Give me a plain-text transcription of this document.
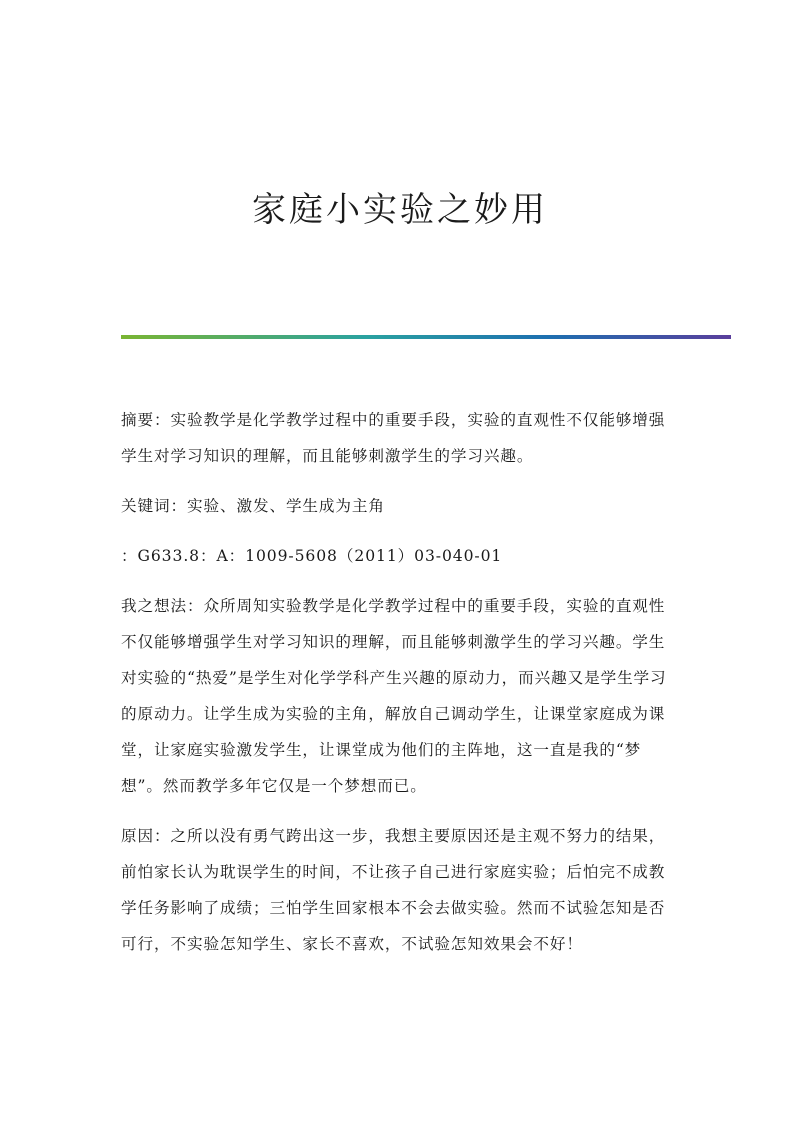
家庭小实验之妙用

摘要：实验教学是化学教学过程中的重要手段，实验的直观性不仅能够增强学生对学习知识的理解，而且能够刺激学生的学习兴趣。

关键词：实验、激发、学生成为主角

：G633.8：A：1009-5608（2011）03-040-01

我之想法：众所周知实验教学是化学教学过程中的重要手段，实验的直观性不仅能够增强学生对学习知识的理解，而且能够刺激学生的学习兴趣。学生对实验的“热爱”是学生对化学学科产生兴趣的原动力，而兴趣又是学生学习的原动力。让学生成为实验的主角，解放自己调动学生，让课堂家庭成为课堂，让家庭实验激发学生，让课堂成为他们的主阵地，这一直是我的“梦想”。然而教学多年它仅是一个梦想而已。

原因：之所以没有勇气跨出这一步，我想主要原因还是主观不努力的结果，前怕家长认为耽误学生的时间，不让孩子自己进行家庭实验；后怕完不成教学任务影响了成绩；三怕学生回家根本不会去做实验。然而不试验怎知是否可行，不实验怎知学生、家长不喜欢，不试验怎知效果会不好！
